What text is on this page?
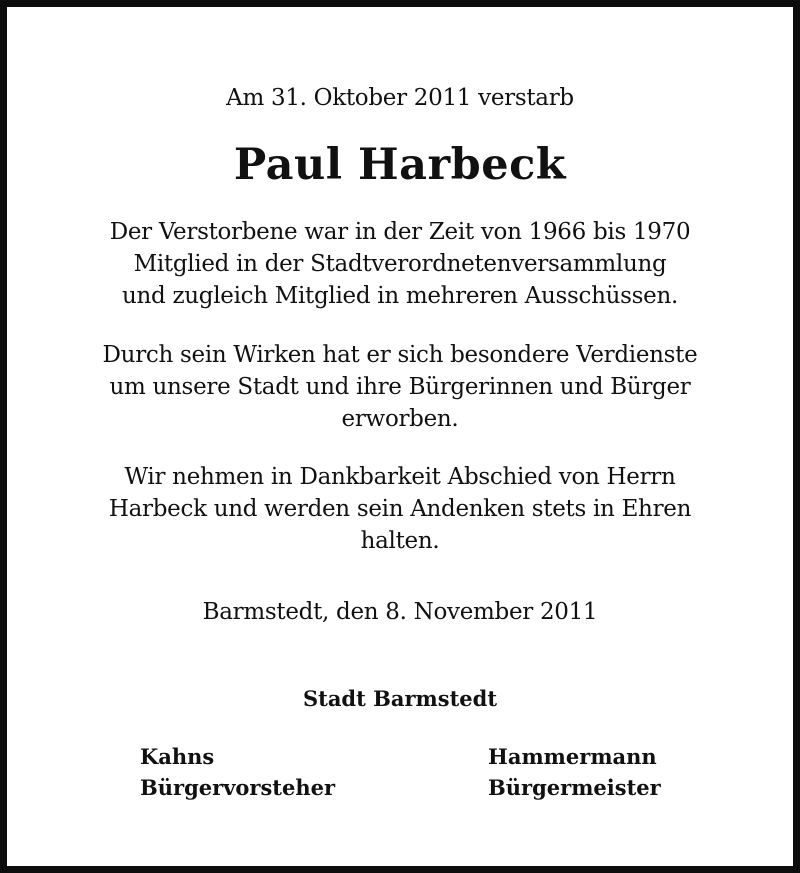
Am 31. Oktober 2011 verstarb
Paul Harbeck
Der Verstorbene war in der Zeit von 1966 bis 1970
Mitglied in der Stadtverordnetenversammlung
und zugleich Mitglied in mehreren Ausschüssen.
Durch sein Wirken hat er sich besondere Verdienste
um unsere Stadt und ihre Bürgerinnen und Bürger
erworben.
Wir nehmen in Dankbarkeit Abschied von Herrn
Harbeck und werden sein Andenken stets in Ehren
halten.
Barmstedt, den 8. November 2011
Stadt Barmstedt
Kahns
Bürgervorsteher
Hammermann
Bürgermeister
